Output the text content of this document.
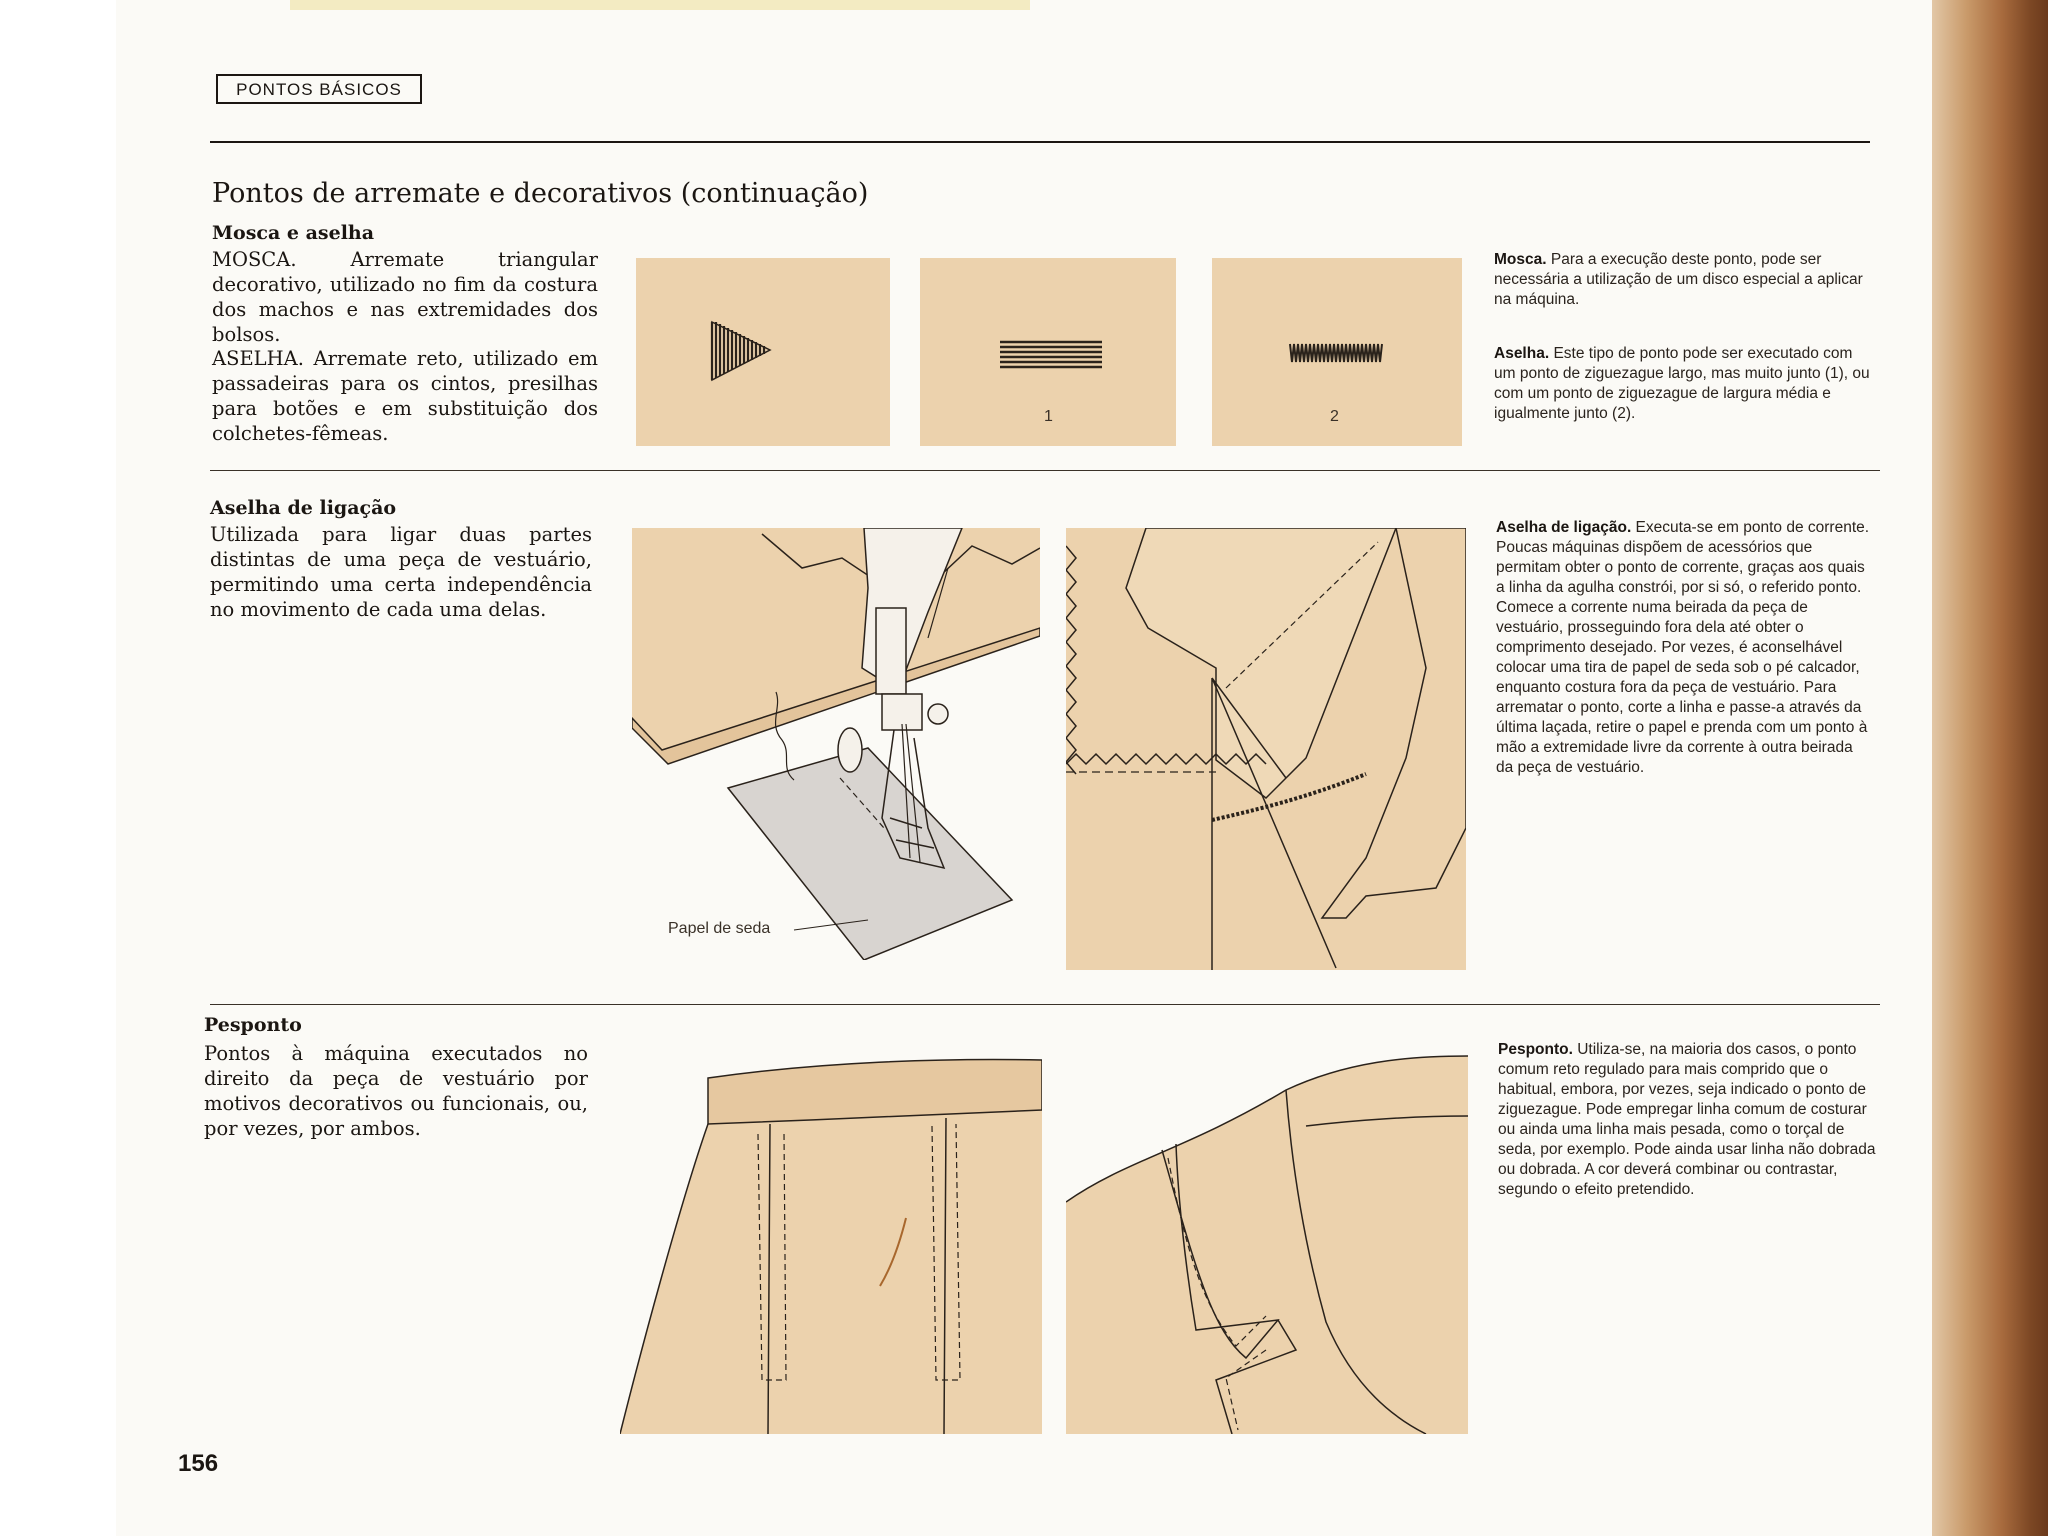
PONTOS BÁSICOS
Pontos de arremate e decorativos (continuação)
Mosca e aselha

MOSCA. Arremate triangular decorativo, utilizado no fim da costura dos machos e nas extremidades dos bolsos.

ASELHA. Arremate reto, utilizado em passadeiras para os cintos, presilhas para botões e em substituição dos colchetes-fêmeas.

1	2

Mosca. Para a execução deste ponto, pode ser necessária a utilização de um disco especial a aplicar na máquina.

Aselha. Este tipo de ponto pode ser executado com um ponto de ziguezague largo, mas muito junto (1), ou com um ponto de ziguezague de largura média e igualmente junto (2).

Aselha de ligação

Utilizada para ligar duas partes distintas de uma peça de vestuário, permitindo uma certa independência no movimento de cada uma delas.

Papel de seda

Aselha de ligação. Executa-se em ponto de corrente. Poucas máquinas dispõem de acessórios que permitam obter o ponto de corrente, graças aos quais a linha da agulha constrói, por si só, o referido ponto. Comece a corrente numa beirada da peça de vestuário, prosseguindo fora dela até obter o comprimento desejado. Por vezes, é aconselhável colocar uma tira de papel de seda sob o pé calcador, enquanto costura fora da peça de vestuário. Para arrematar o ponto, corte a linha e passe-a através da última laçada, retire o papel e prenda com um ponto à mão a extremidade livre da corrente à outra beirada da peça de vestuário.

Pesponto

Pontos à máquina executados no direito da peça de vestuário por motivos decorativos ou funcionais, ou, por vezes, por ambos.

Pesponto. Utiliza-se, na maioria dos casos, o ponto comum reto regulado para mais comprido que o habitual, embora, por vezes, seja indicado o ponto de ziguezague. Pode empregar linha comum de costurar ou ainda uma linha mais pesada, como o torçal de seda, por exemplo. Pode ainda usar linha não dobrada ou dobrada. A cor deverá combinar ou contrastar, segundo o efeito pretendido.

156
